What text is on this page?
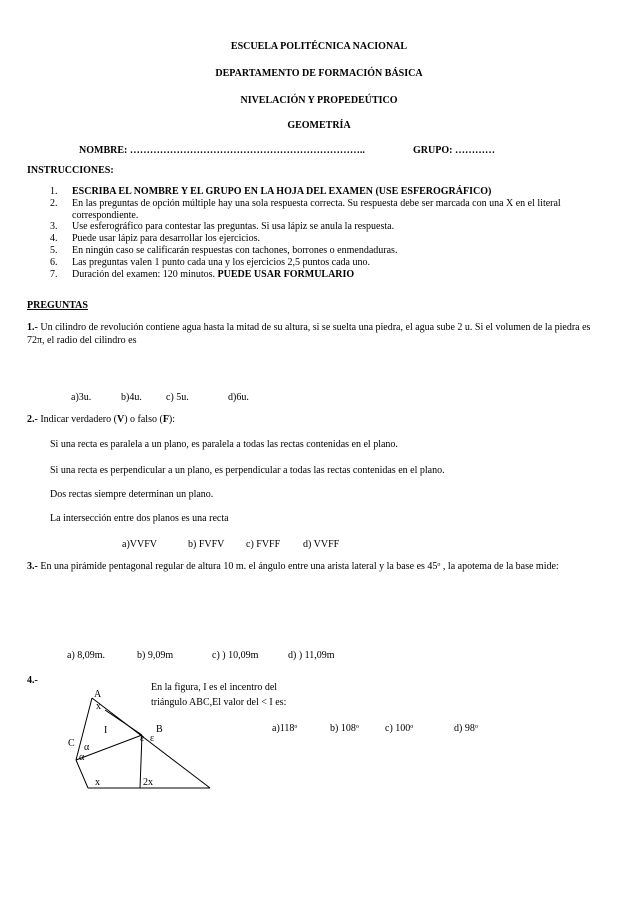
ESCUELA POLITÉCNICA NACIONAL
DEPARTAMENTO DE FORMACIÓN BÁSICA
NIVELACIÓN Y PROPEDEÚTICO
GEOMETRÍA
NOMBRE: ……………………………………………………………..	GRUPO: …………
INSTRUCCIONES:
1. ESCRIBA EL NOMBRE Y EL GRUPO EN LA HOJA DEL EXAMEN (USE ESFEROGRÁFICO)
2. En las preguntas de opción múltiple hay una sola respuesta correcta. Su respuesta debe ser marcada con una X en el literal correspondiente.
3. Use esferográfico para contestar las preguntas. Si usa lápiz se anula la respuesta.
4. Puede usar lápiz para desarrollar los ejercicios.
5. En ningún caso se calificarán respuestas con tachones, borrones o enmendaduras.
6. Las preguntas valen 1 punto cada una y los ejercicios 2,5 puntos cada uno.
7. Duración del examen: 120 minutos. PUEDE USAR FORMULARIO
PREGUNTAS
1.- Un cilindro de revolución contiene agua hasta la mitad de su altura, si se suelta una piedra, el agua sube 2 u. Si el volumen de la piedra es 72π, el radio del cilindro es
a)3u.	b)4u. c) 5u.	d)6u.
2.- Indicar verdadero (V) o falso (F):
Si una recta es paralela a un plano, es paralela a todas las rectas contenidas en el plano.
Si una recta es perpendicular a un plano, es perpendicular a todas las rectas contenidas en el plano.
Dos rectas siempre determinan un plano.
La intersección entre dos planos es una recta
a)VVFV	b) FVFV c) FVFF d) VVFF
3.- En una pirámide pentagonal regular de altura 10 m. el ángulo entre una arista lateral y la base es 45$^o$ , la apotema de la base mide:
a) 8,09m.	b) 9,09m	c) ) 10,09m	d) ) 11,09m
4.-
En la figura, I es el incentro del
triángulo ABC,El valor del < I es:
a)118$^o$	b) 108$^o$	c) 100$^o$	d) 98$^o$
A
x
I	B
ε ε
C α
α
x	2x
